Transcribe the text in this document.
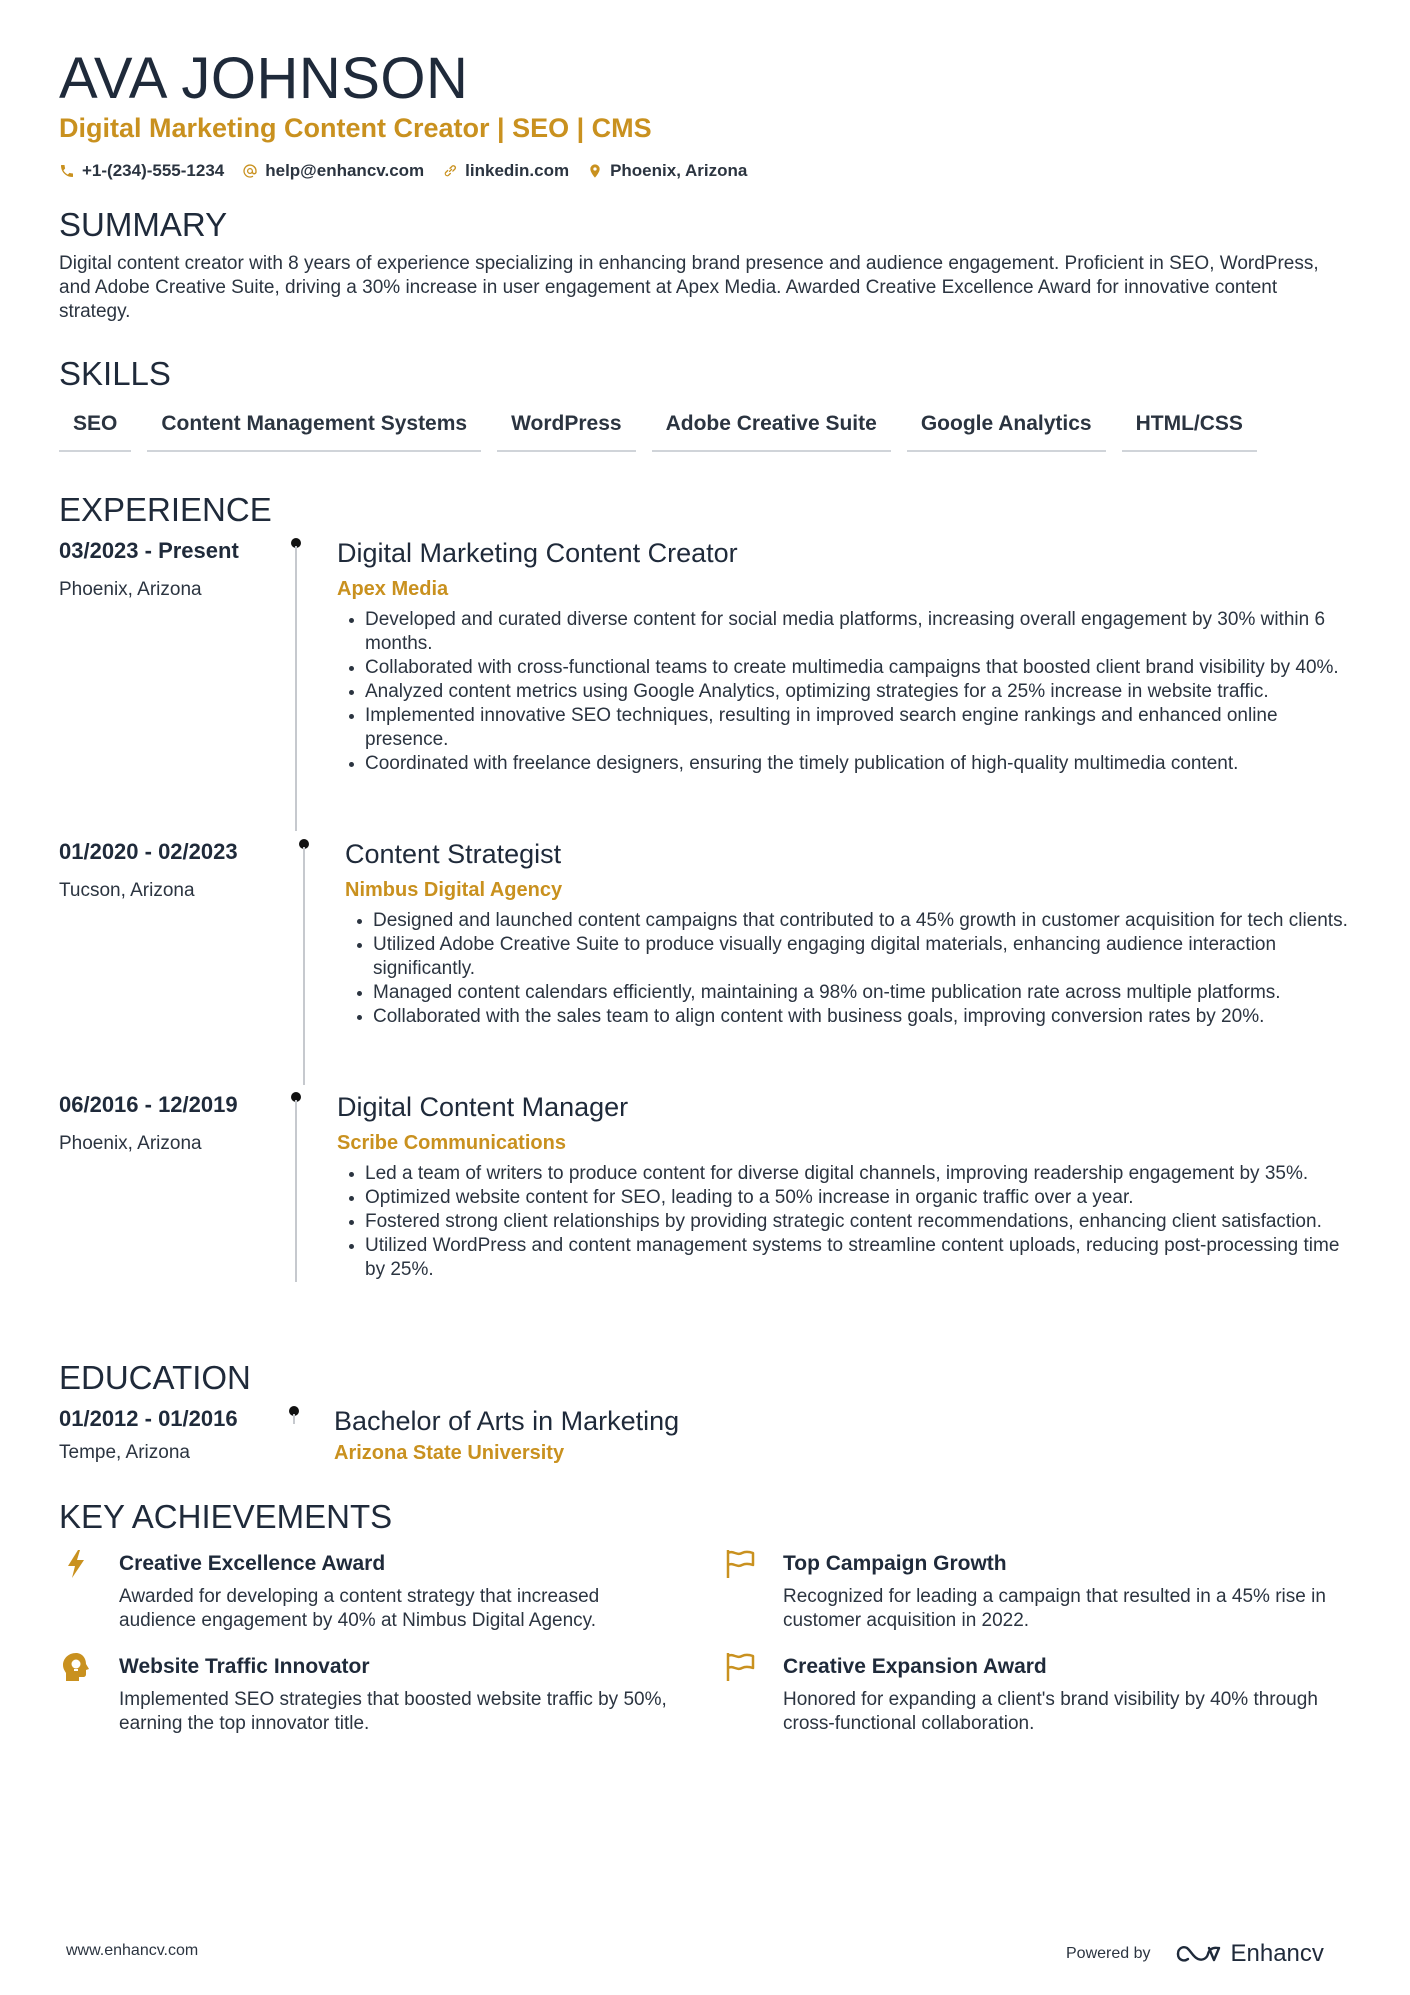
AVA JOHNSON
Digital Marketing Content Creator | SEO | CMS
+1-(234)-555-1234 help@enhancv.com linkedin.com Phoenix, Arizona
SUMMARY
Digital content creator with 8 years of experience specializing in enhancing brand presence and audience engagement. Proficient in SEO, WordPress, and Adobe Creative Suite, driving a 30% increase in user engagement at Apex Media. Awarded Creative Excellence Award for innovative content strategy.
SKILLS
SEO	Content Management Systems	WordPress	Adobe Creative Suite	Google Analytics	HTML/CSS
EXPERIENCE
03/2023 - Present
Phoenix, Arizona
Digital Marketing Content Creator
Apex Media
Developed and curated diverse content for social media platforms, increasing overall engagement by 30% within 6 months.
Collaborated with cross-functional teams to create multimedia campaigns that boosted client brand visibility by 40%.
Analyzed content metrics using Google Analytics, optimizing strategies for a 25% increase in website traffic.
Implemented innovative SEO techniques, resulting in improved search engine rankings and enhanced online presence.
Coordinated with freelance designers, ensuring the timely publication of high-quality multimedia content.
01/2020 - 02/2023
Tucson, Arizona
Content Strategist
Nimbus Digital Agency
Designed and launched content campaigns that contributed to a 45% growth in customer acquisition for tech clients.
Utilized Adobe Creative Suite to produce visually engaging digital materials, enhancing audience interaction significantly.
Managed content calendars efficiently, maintaining a 98% on-time publication rate across multiple platforms.
Collaborated with the sales team to align content with business goals, improving conversion rates by 20%.
06/2016 - 12/2019
Phoenix, Arizona
Digital Content Manager
Scribe Communications
Led a team of writers to produce content for diverse digital channels, improving readership engagement by 35%.
Optimized website content for SEO, leading to a 50% increase in organic traffic over a year.
Fostered strong client relationships by providing strategic content recommendations, enhancing client satisfaction.
Utilized WordPress and content management systems to streamline content uploads, reducing post-processing time by 25%.
EDUCATION
01/2012 - 01/2016
Tempe, Arizona
Bachelor of Arts in Marketing
Arizona State University
KEY ACHIEVEMENTS
Creative Excellence Award
Awarded for developing a content strategy that increased audience engagement by 40% at Nimbus Digital Agency.
Top Campaign Growth
Recognized for leading a campaign that resulted in a 45% rise in customer acquisition in 2022.
Website Traffic Innovator
Implemented SEO strategies that boosted website traffic by 50%, earning the top innovator title.
Creative Expansion Award
Honored for expanding a client's brand visibility by 40% through cross-functional collaboration.
www.enhancv.com	Powered by	Enhancv
